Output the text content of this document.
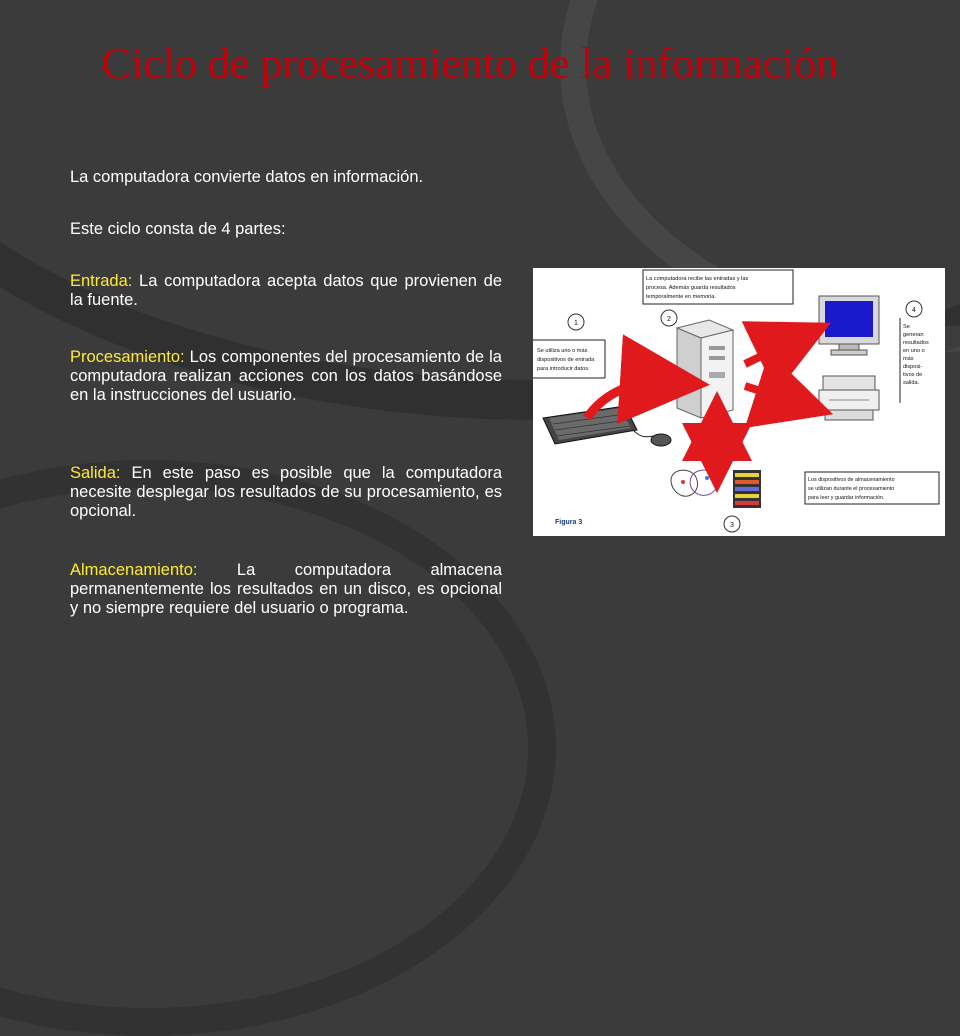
Ciclo de procesamiento de la información

La computadora convierte datos en información.

Este ciclo consta de 4 partes:

Entrada: La computadora acepta datos que provienen de la fuente.

Procesamiento: Los componentes del procesamiento de la computadora realizan acciones con los datos basándose en la instrucciones del usuario.

Salida: En este paso es posible que la computadora necesite desplegar los resultados de su procesamiento, es opcional.

Almacenamiento: La computadora almacena permanentemente los resultados en un disco, es opcional y no siempre requiere del usuario o programa.

Se utiliza uno o más
dispositivos de entrada
para introducir datos.
La computadora recibe las entradas y las
procesa. Además guarda resultados
temporalmente en memoria.
Se
generan
resultados
en uno o
más
disposi-
tivos de
salida.
Los dispositivos de almacenamiento
se utilizan durante el procesamiento
para leer y guardar información.
1
2
3
4
Figura 3
